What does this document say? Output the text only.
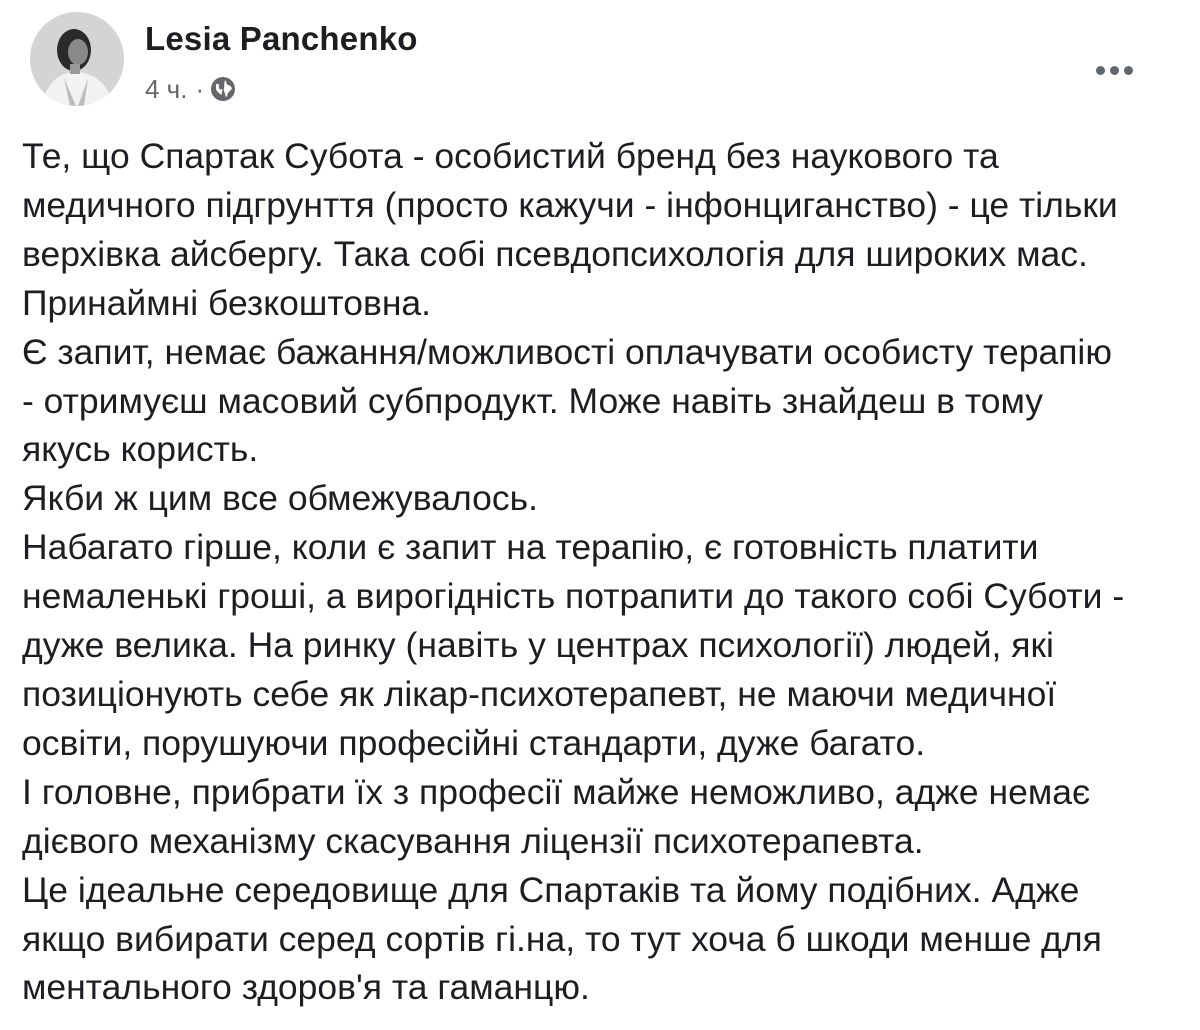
Lesia Panchenko
4 ч. ·

Те, що Спартак Субота - особистий бренд без наукового та

медичного підгрунття (просто кажучи - інфонциганство) - це тільки

верхівка айсбергу. Така собі псевдопсихологія для широких мас.

Принаймні безкоштовна.

Є запит, немає бажання/можливості оплачувати особисту терапію

- отримуєш масовий субпродукт. Може навіть знайдеш в тому

якусь користь.

Якби ж цим все обмежувалось.

Набагато гірше, коли є запит на терапію, є готовність платити

немаленькі гроші, а вирогідність потрапити до такого собі Суботи -

дуже велика. На ринку (навіть у центрах психології) людей, які

позиціонують себе як лікар-психотерапевт, не маючи медичної

освіти, порушуючи професійні стандарти, дуже багато.

І головне, прибрати їх з професії майже неможливо, адже немає

дієвого механізму скасування ліцензії психотерапевта.

Це ідеальне середовище для Спартаків та йому подібних. Адже

якщо вибирати серед сортів гі.на, то тут хоча б шкоди менше для

ментального здоров'я та гаманцю.
